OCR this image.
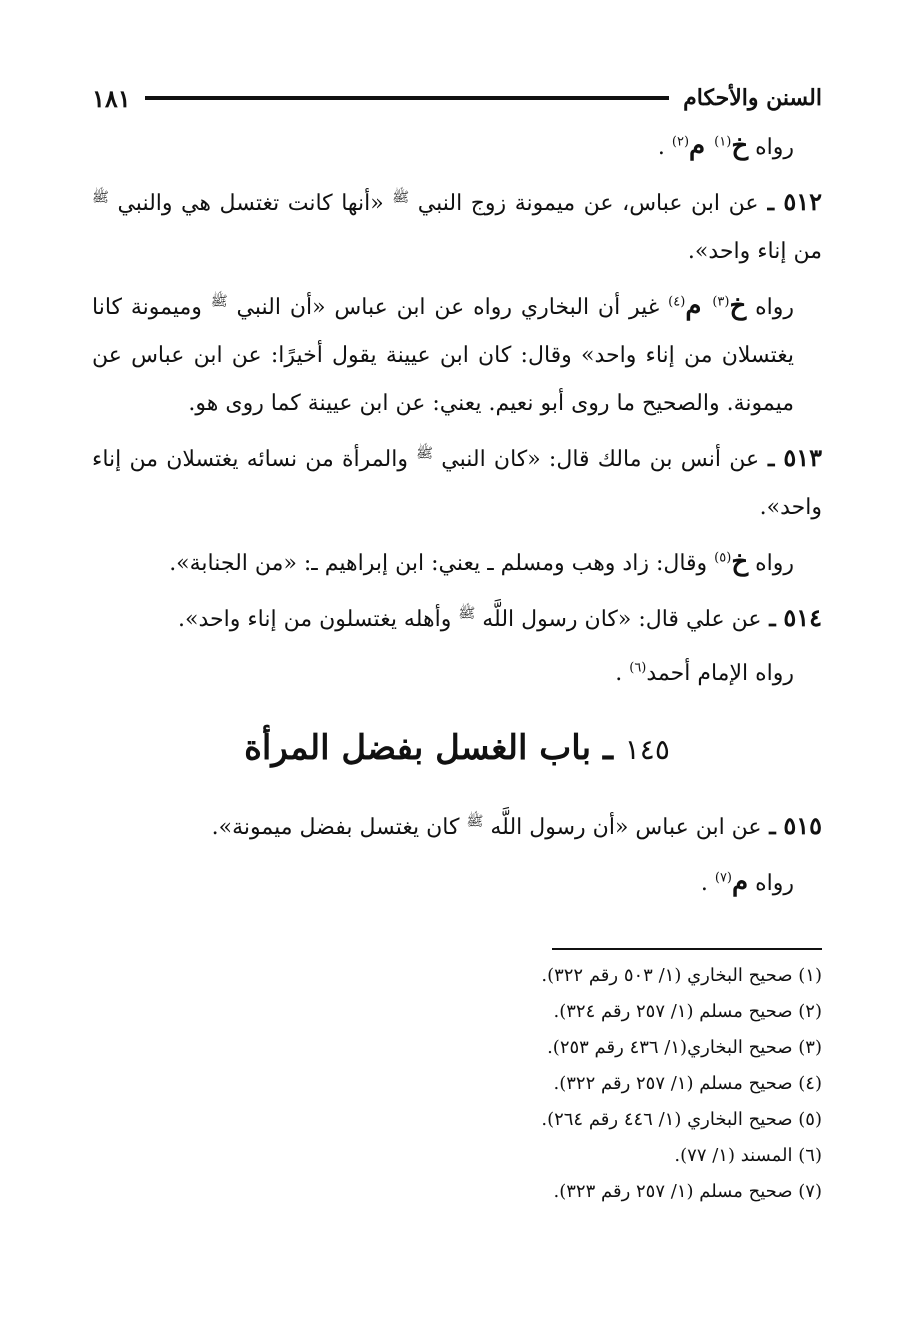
السنن والأحكام
١٨١
رواه خ$^{(١)}$ م$^{(٢)}$ .
٥١٢ ـ عن ابن عباس، عن ميمونة زوج النبي $^ﷺ$ «أنها كانت تغتسل هي والنبي $^ﷺ$ من إناء واحد».
رواه خ$^{(٣)}$ م$^{(٤)}$ غير أن البخاري رواه عن ابن عباس «أن النبي $^ﷺ$ وميمونة كانا يغتسلان من إناء واحد» وقال: كان ابن عيينة يقول أخيرًا: عن ابن عباس عن ميمونة. والصحيح ما روى أبو نعيم. يعني: عن ابن عيينة كما روى هو.
٥١٣ ـ عن أنس بن مالك قال: «كان النبي $^ﷺ$ والمرأة من نسائه يغتسلان من إناء واحد».
رواه خ$^{(٥)}$ وقال: زاد وهب ومسلم ـ يعني: ابن إبراهيم ـ: «من الجنابة».
٥١٤ ـ عن علي قال: «كان رسول اللَّه $^ﷺ$ وأهله يغتسلون من إناء واحد».
رواه الإمام أحمد$^{(٦)}$ .
١٤٥ ـ باب الغسل بفضل المرأة
٥١٥ ـ عن ابن عباس «أن رسول اللَّه $^ﷺ$ كان يغتسل بفضل ميمونة».
رواه م$^{(٧)}$ .
(١) صحيح البخاري (١/ ٥٠٣ رقم ٣٢٢).
(٢) صحيح مسلم (١/ ٢٥٧ رقم ٣٢٤).
(٣) صحيح البخاري(١/ ٤٣٦ رقم ٢٥٣).
(٤) صحيح مسلم (١/ ٢٥٧ رقم ٣٢٢).
(٥) صحيح البخاري (١/ ٤٤٦ رقم ٢٦٤).
(٦) المسند (١/ ٧٧).
(٧) صحيح مسلم (١/ ٢٥٧ رقم ٣٢٣).
